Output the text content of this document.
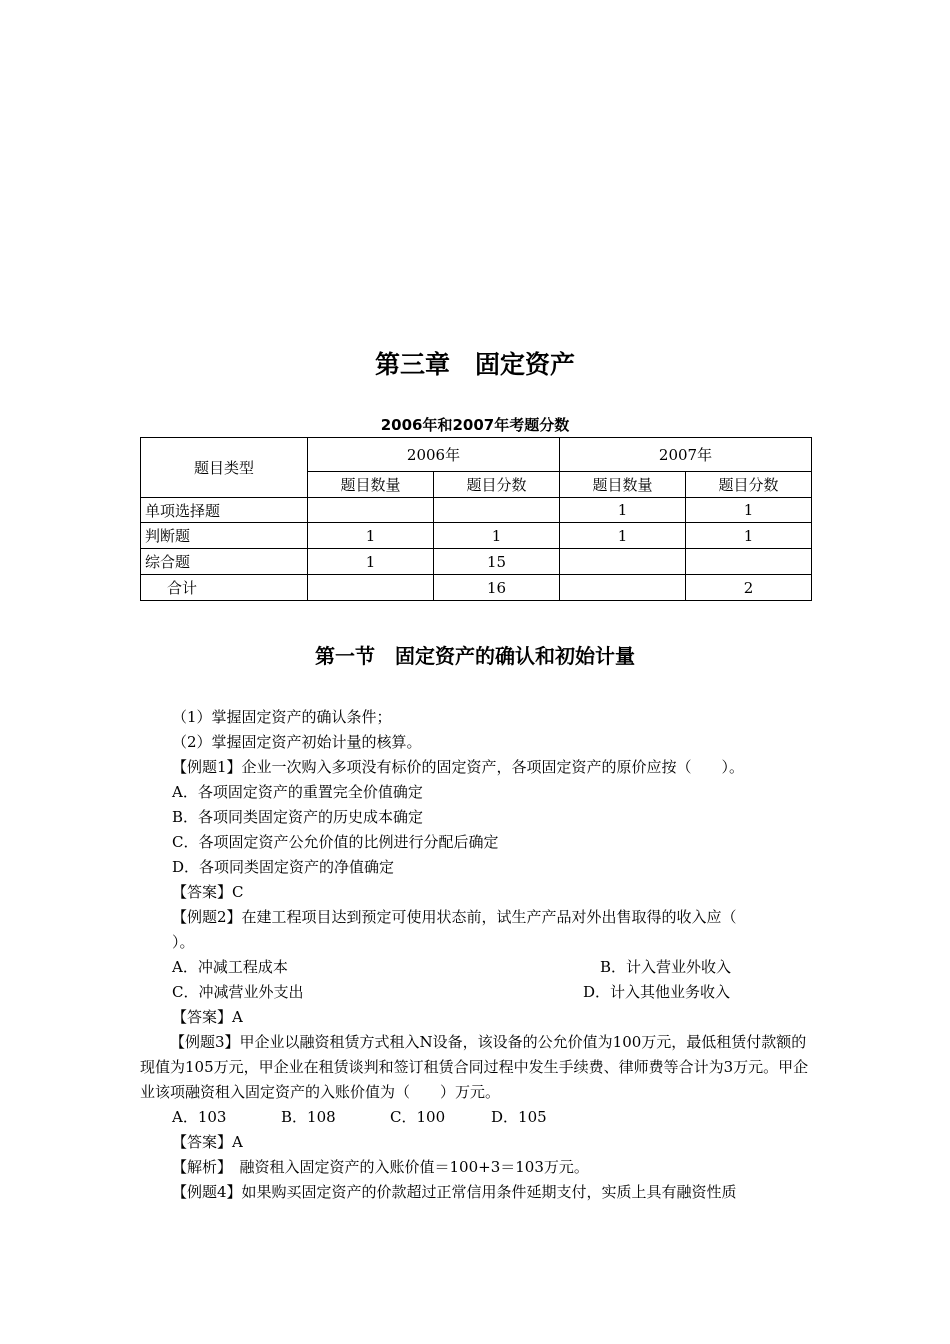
第三章　固定资产
2006年和2007年考题分数
题目类型	2006年		2007年	
	题目数量	题目分数	题目数量	题目分数
单项选择题			1	1
判断题	1	1	1	1
综合题	1	15		
合计		16		2
第一节　固定资产的确认和初始计量
（1）掌握固定资产的确认条件；
（2）掌握固定资产初始计量的核算。
【例题1】企业一次购入多项没有标价的固定资产，各项固定资产的原价应按（　　）。
A．各项固定资产的重置完全价值确定
B．各项同类固定资产的历史成本确定
C．各项固定资产公允价值的比例进行分配后确定
D．各项同类固定资产的净值确定
【答案】C
【例题2】在建工程项目达到预定可使用状态前，试生产产品对外出售取得的收入应（
）。
A．冲减工程成本	B．计入营业外收入
C．冲减营业外支出	D．计入其他业务收入
【答案】A
【例题3】甲企业以融资租赁方式租入N设备，该设备的公允价值为100万元，最低租赁付款额的现值为105万元，甲企业在租赁谈判和签订租赁合同过程中发生手续费、律师费等合计为3万元。甲企业该项融资租入固定资产的入账价值为（　　）万元。
A．103	B．108	C．100	D．105
【答案】A
【解析】　融资租入固定资产的入账价值＝100+3＝103万元。
【例题4】如果购买固定资产的价款超过正常信用条件延期支付，实质上具有融资性质
